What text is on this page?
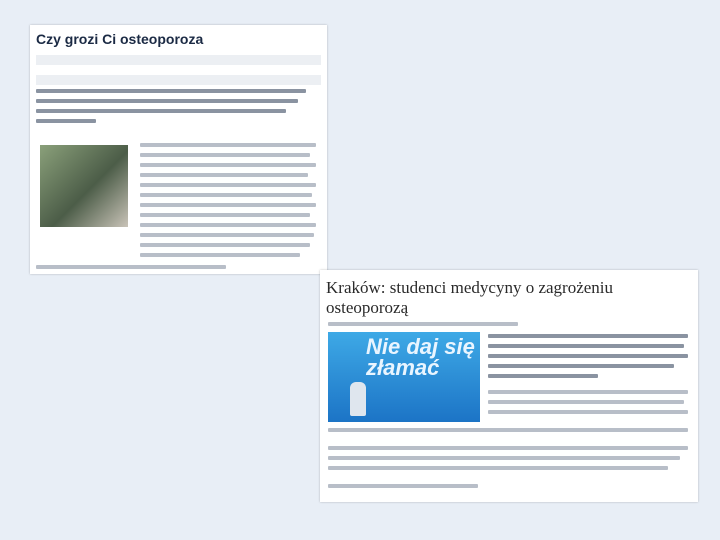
Czy grozi Ci osteoporoza
Kraków: studenci medycyny o zagrożeniu osteoporozą
Nie daj się złamać
